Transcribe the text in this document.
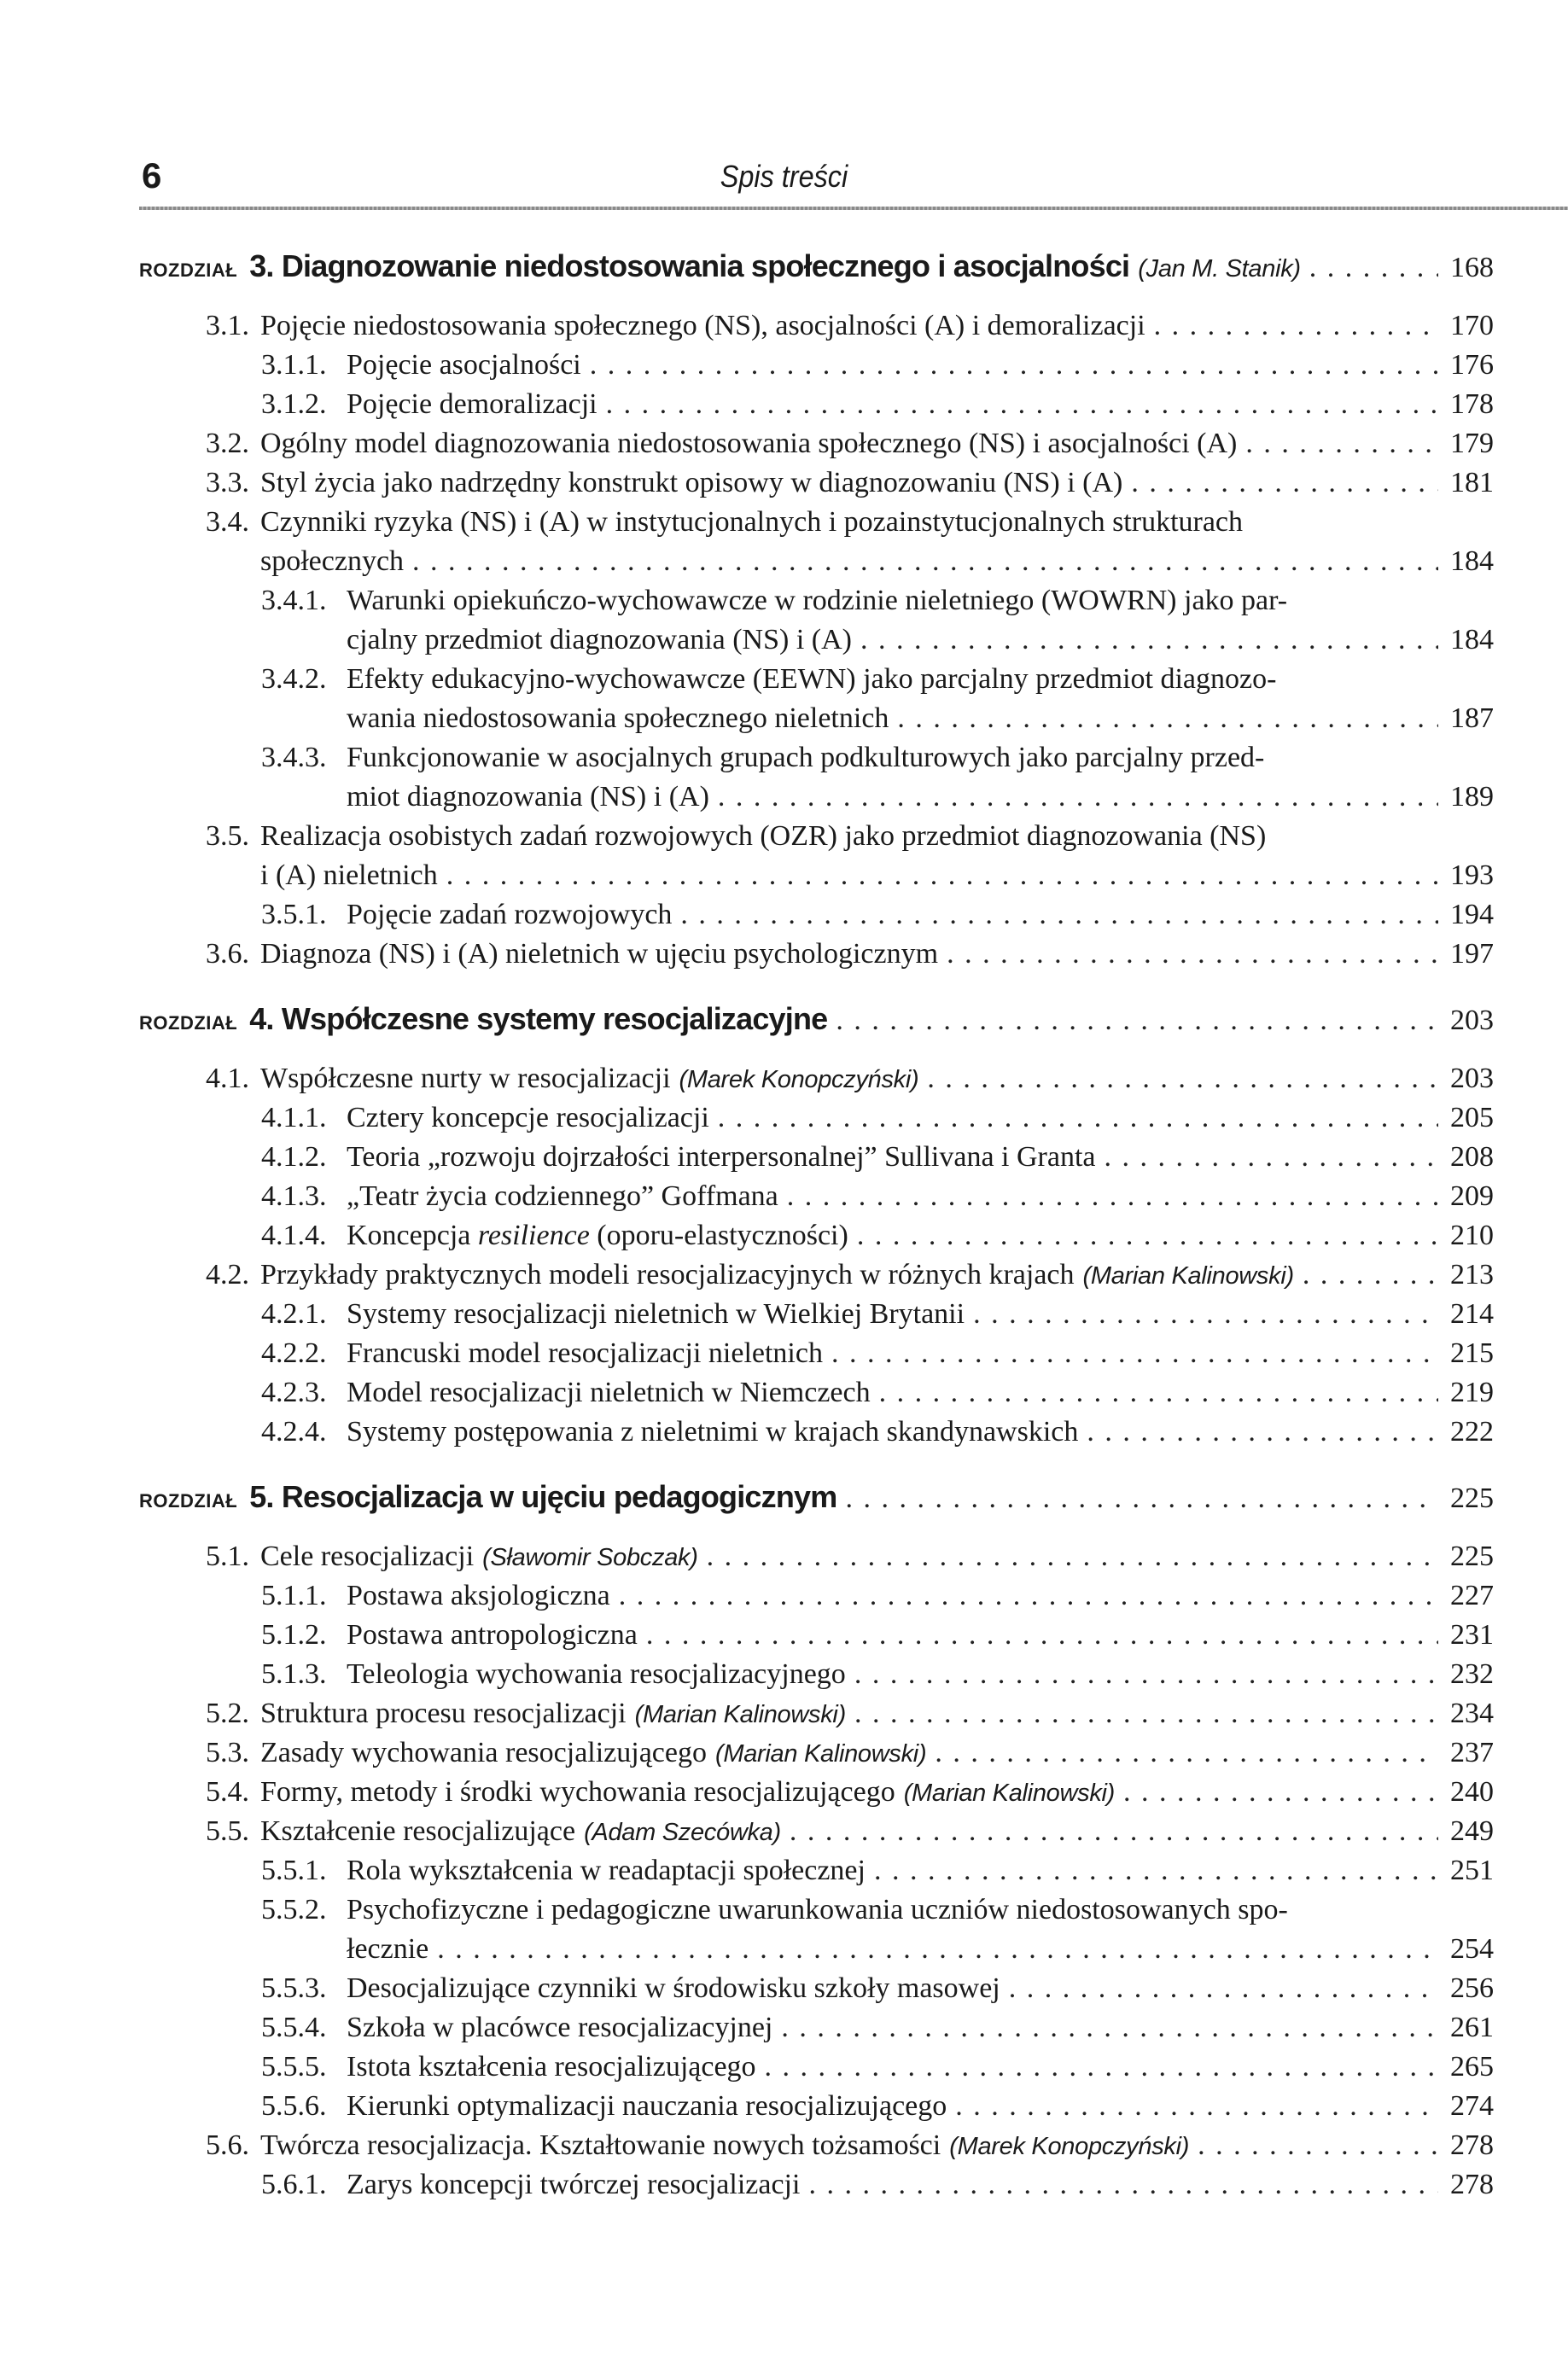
6	Spis treści
ROZDZIAŁ 3. Diagnozowanie niedostosowania społecznego i asocjalności (Jan M. Stanik) . . .	168
3.1. Pojęcie niedostosowania społecznego (NS), asocjalności (A) i demoralizacji . . .	170
3.1.1. Pojęcie asocjalności . . .	176
3.1.2. Pojęcie demoralizacji . . .	178
3.2. Ogólny model diagnozowania niedostosowania społecznego (NS) i asocjalności (A) . . .	179
3.3. Styl życia jako nadrzędny konstrukt opisowy w diagnozowaniu (NS) i (A) . . .	181
3.4. Czynniki ryzyka (NS) i (A) w instytucjonalnych i pozainstytucjonalnych strukturach
społecznych . . .	184
3.4.1. Warunki opiekuńczo-wychowawcze w rodzinie nieletniego (WOWRN) jako par-
cjalny przedmiot diagnozowania (NS) i (A) . . .	184
3.4.2. Efekty edukacyjno-wychowawcze (EEWN) jako parcjalny przedmiot diagnozo-
wania niedostosowania społecznego nieletnich . . .	187
3.4.3. Funkcjonowanie w asocjalnych grupach podkulturowych jako parcjalny przed-
miot diagnozowania (NS) i (A) . . .	189
3.5. Realizacja osobistych zadań rozwojowych (OZR) jako przedmiot diagnozowania (NS)
i (A) nieletnich . . .	193
3.5.1. Pojęcie zadań rozwojowych . . .	194
3.6. Diagnoza (NS) i (A) nieletnich w ujęciu psychologicznym . . .	197
ROZDZIAŁ 4. Współczesne systemy resocjalizacyjne . . .	203
4.1. Współczesne nurty w resocjalizacji (Marek Konopczyński) . . .	203
4.1.1. Cztery koncepcje resocjalizacji . . .	205
4.1.2. Teoria „rozwoju dojrzałości interpersonalnej” Sullivana i Granta . . .	208
4.1.3. „Teatr życia codziennego” Goffmana . . .	209
4.1.4. Koncepcja resilience (oporu-elastyczności) . . .	210
4.2. Przykłady praktycznych modeli resocjalizacyjnych w różnych krajach (Marian Kalinowski) . . .	213
4.2.1. Systemy resocjalizacji nieletnich w Wielkiej Brytanii . . .	214
4.2.2. Francuski model resocjalizacji nieletnich . . .	215
4.2.3. Model resocjalizacji nieletnich w Niemczech . . .	219
4.2.4. Systemy postępowania z nieletnimi w krajach skandynawskich . . .	222
ROZDZIAŁ 5. Resocjalizacja w ujęciu pedagogicznym . . .	225
5.1. Cele resocjalizacji (Sławomir Sobczak) . . .	225
5.1.1. Postawa aksjologiczna . . .	227
5.1.2. Postawa antropologiczna . . .	231
5.1.3. Teleologia wychowania resocjalizacyjnego . . .	232
5.2. Struktura procesu resocjalizacji (Marian Kalinowski) . . .	234
5.3. Zasady wychowania resocjalizującego (Marian Kalinowski) . . .	237
5.4. Formy, metody i środki wychowania resocjalizującego (Marian Kalinowski) . . .	240
5.5. Kształcenie resocjalizujące (Adam Szecówka) . . .	249
5.5.1. Rola wykształcenia w readaptacji społecznej . . .	251
5.5.2. Psychofizyczne i pedagogiczne uwarunkowania uczniów niedostosowanych spo-
łecznie . . .	254
5.5.3. Desocjalizujące czynniki w środowisku szkoły masowej . . .	256
5.5.4. Szkoła w placówce resocjalizacyjnej . . .	261
5.5.5. Istota kształcenia resocjalizującego . . .	265
5.5.6. Kierunki optymalizacji nauczania resocjalizującego . . .	274
5.6. Twórcza resocjalizacja. Kształtowanie nowych tożsamości (Marek Konopczyński) . . .	278
5.6.1. Zarys koncepcji twórczej resocjalizacji . . .	278
